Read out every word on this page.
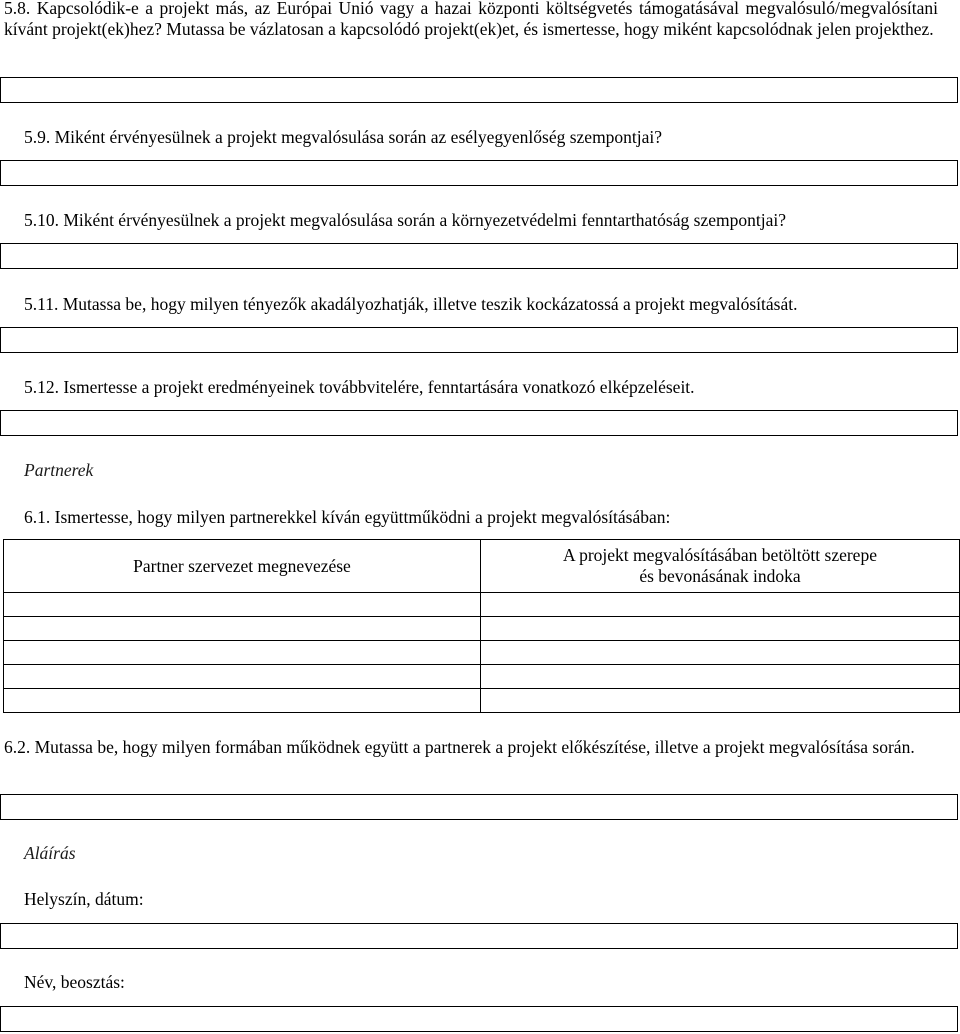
5.8. Kapcsolódik-e a projekt más, az Európai Unió vagy a hazai központi költségvetés támogatásával megvalósuló/megvalósítani kívánt projekt(ek)hez? Mutassa be vázlatosan a kapcsolódó projekt(ek)et, és ismertesse, hogy miként kapcsolódnak jelen projekthez.
5.9. Miként érvényesülnek a projekt megvalósulása során az esélyegyenlőség szempontjai?
5.10. Miként érvényesülnek a projekt megvalósulása során a környezetvédelmi fenntarthatóság szempontjai?
5.11. Mutassa be, hogy milyen tényezők akadályozhatják, illetve teszik kockázatossá a projekt megvalósítását.
5.12. Ismertesse a projekt eredményeinek továbbvitelére, fenntartására vonatkozó elképzeléseit.
Partnerek
6.1. Ismertesse, hogy milyen partnerekkel kíván együttműködni a projekt megvalósításában:
Partner szervezet megnevezése	A projekt megvalósításában betöltött szerepe
és bevonásának indoka

6.2. Mutassa be, hogy milyen formában működnek együtt a partnerek a projekt előkészítése, illetve a projekt megvalósítása során.
Aláírás
Helyszín, dátum:
Név, beosztás:
